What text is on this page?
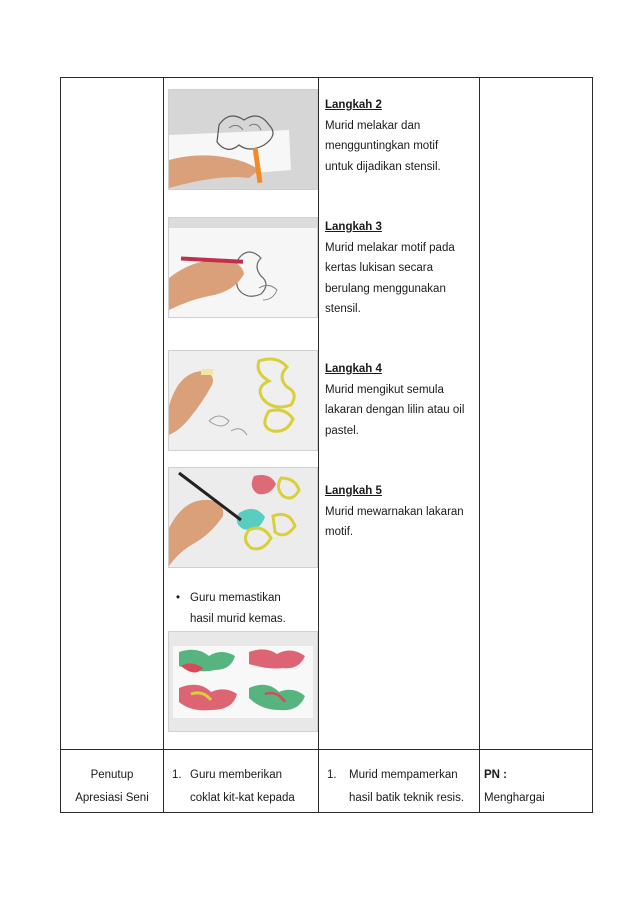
• Guru memastikan
hasil murid kemas.
Langkah 2
Murid melakar dan
mengguntingkan motif
untuk dijadikan stensil.
Langkah 3
Murid melakar motif pada
kertas lukisan secara
berulang menggunakan
stensil.
Langkah 4
Murid mengikut semula
lakaran dengan lilin atau oil
pastel.
Langkah 5
Murid mewarnakan lakaran
motif.
Penutup
Apresiasi Seni
1. Guru memberikan
coklat kit-kat kepada
1. Murid mempamerkan
hasil batik teknik resis.
PN :
Menghargai
